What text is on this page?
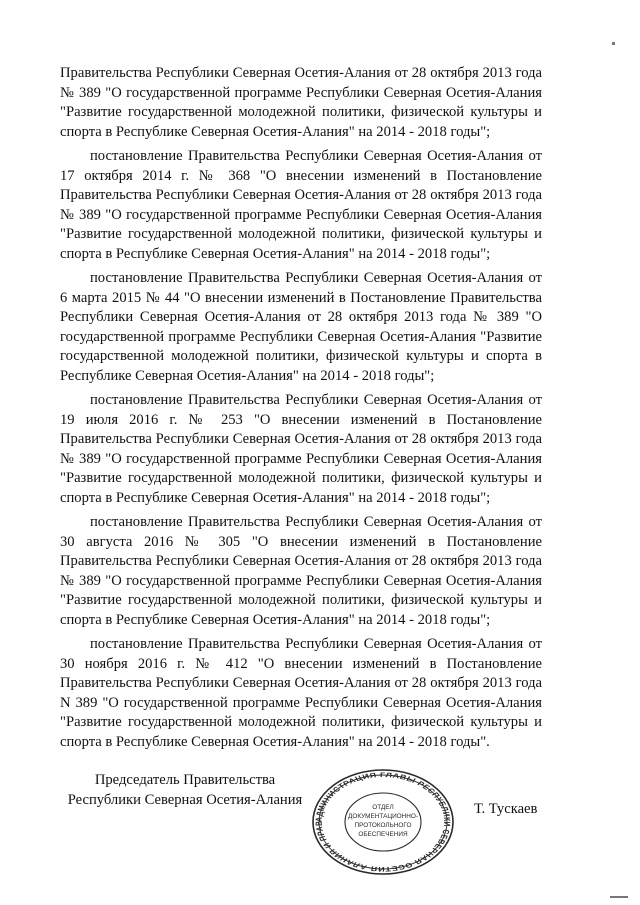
Правительства Республики Северная Осетия-Алания от 28 октября 2013 года № 389 "О государственной программе Республики Северная Осетия-Алания "Развитие государственной молодежной политики, физической культуры и спорта в Республике Северная Осетия-Алания" на 2014 - 2018 годы";

постановление Правительства Республики Северная Осетия-Алания от 17 октября 2014 г. № 368 "О внесении изменений в Постановление Правительства Республики Северная Осетия-Алания от 28 октября 2013 года № 389 "О государственной программе Республики Северная Осетия-Алания "Развитие государственной молодежной политики, физической культуры и спорта в Республике Северная Осетия-Алания" на 2014 - 2018 годы";

постановление Правительства Республики Северная Осетия-Алания от 6 марта 2015 № 44 "О внесении изменений в Постановление Правительства Республики Северная Осетия-Алания от 28 октября 2013 года № 389 "О государственной программе Республики Северная Осетия-Алания "Развитие государственной молодежной политики, физической культуры и спорта в Республике Северная Осетия-Алания" на 2014 - 2018 годы";

постановление Правительства Республики Северная Осетия-Алания от 19 июля 2016 г. № 253 "О внесении изменений в Постановление Правительства Республики Северная Осетия-Алания от 28 октября 2013 года № 389 "О государственной программе Республики Северная Осетия-Алания "Развитие государственной молодежной политики, физической культуры и спорта в Республике Северная Осетия-Алания" на 2014 - 2018 годы";

постановление Правительства Республики Северная Осетия-Алания от 30 августа 2016 № 305 "О внесении изменений в Постановление Правительства Республики Северная Осетия-Алания от 28 октября 2013 года № 389 "О государственной программе Республики Северная Осетия-Алания "Развитие государственной молодежной политики, физической культуры и спорта в Республике Северная Осетия-Алания" на 2014 - 2018 годы";

постановление Правительства Республики Северная Осетия-Алания от 30 ноября 2016 г. № 412 "О внесении изменений в Постановление Правительства Республики Северная Осетия-Алания от 28 октября 2013 года N 389 "О государственной программе Республики Северная Осетия-Алания "Развитие государственной молодежной политики, физической культуры и спорта в Республике Северная Осетия-Алания" на 2014 - 2018 годы".

Председатель Правительства
Республики Северная Осетия-Алания
АДМИНИСТРАЦИЯ ГЛАВЫ РЕСПУБЛИКИ СЕВЕРНАЯ ОСЕТИЯ-АЛАНИЯ И ПРАВ
ОТДЕЛ
ДОКУМЕНТАЦИОННО-
ПРОТОКОЛЬНОГО
ОБЕСПЕЧЕНИЯ
Т. Тускаев
